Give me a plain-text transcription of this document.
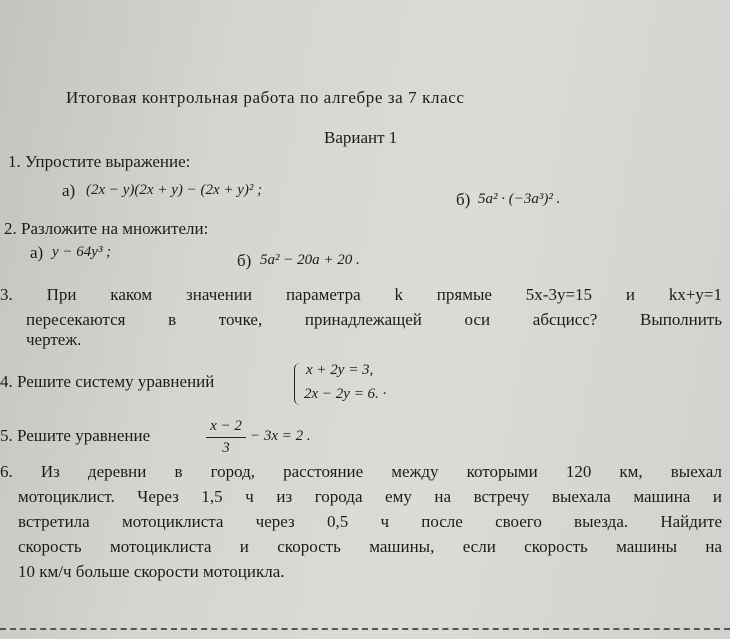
Итоговая контрольная работа по алгебре за 7 класс
Вариант 1
1. Упростите выражение:
а) (2x − y)(2x + y) − (2x + y)² ;	б) 5a² · (−3a³)² .
2. Разложите на множители:
а) y − 64y³ ;	б) 5a² − 20a + 20 .
3. При каком значении параметра k прямые 5х-3у=15 и kx+y=1
пересекаются в точке, принадлежащей оси абсцисс? Выполнить
чертеж.
4. Решите систему уравнений
x + 2y = 3,
2x − 2y = 6. ·
5. Решите уравнение	x − 2
3
− 3x = 2 .
6. Из деревни в город, расстояние между которыми 120 км, выехал
мотоциклист. Через 1,5 ч из города ему на встречу выехала машина и
встретила мотоциклиста через 0,5 ч после своего выезда. Найдите
скорость мотоциклиста и скорость машины, если скорость машины на
10 км/ч больше скорости мотоцикла.
